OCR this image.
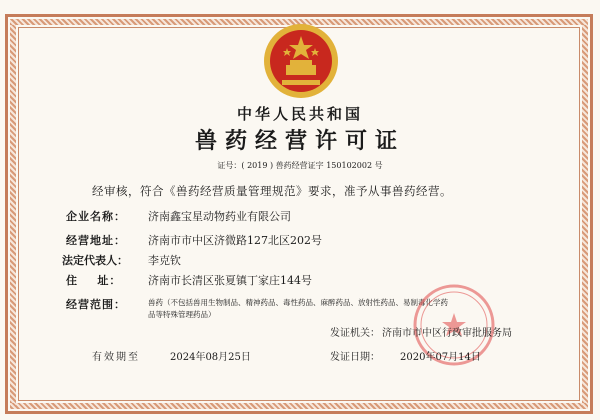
中华人民共和国
兽药经营许可证
证号：( 2019 ) 兽药经营证字 150102002 号
经审核，符合《兽药经营质量管理规范》要求，准予从事兽药经营。
企业名称： 济南鑫宝星动物药业有限公司
经营地址： 济南市市中区济微路127北区202号
法定代表人： 李克钦
住    址： 济南市长清区张夏镇丁家庄144号
经营范围：	兽药（不包括兽用生物制品、精神药品、毒性药品、麻醉药品、放射性药品、易制毒化学药品等特殊管理药品）
发证机关： 济南市市中区行政审批服务局
有效期至	2024年08月25日	发证日期： 2020年07月14日
